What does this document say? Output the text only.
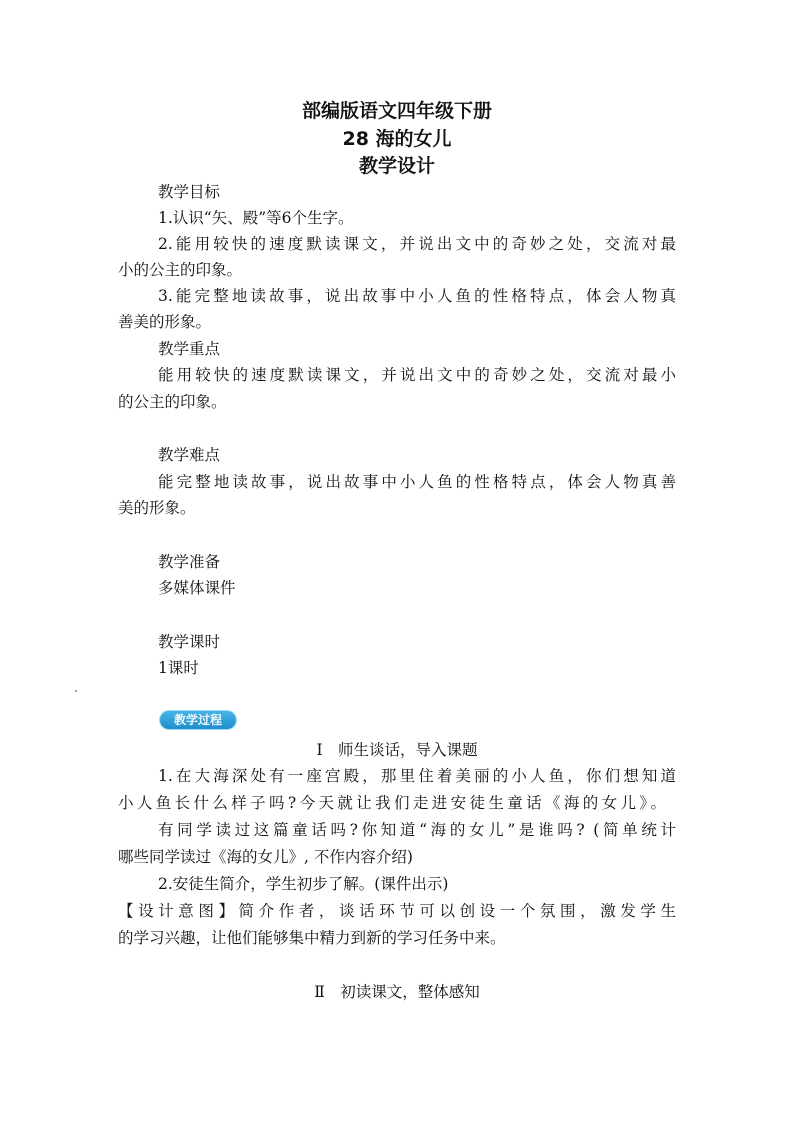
部编版语文四年级下册
28 海的女儿
教学设计
教学目标
1.认识“矢、殿”等6个生字。
2.能用较快的速度默读课文，并说出文中的奇妙之处，交流对最
小的公主的印象。
3.能完整地读故事，说出故事中小人鱼的性格特点，体会人物真
善美的形象。
教学重点
能用较快的速度默读课文，并说出文中的奇妙之处，交流对最小
的公主的印象。
教学难点
能完整地读故事，说出故事中小人鱼的性格特点，体会人物真善
美的形象。
教学准备
多媒体课件
教学课时
1课时
教学过程
Ⅰ　师生谈话，导入课题
1.在大海深处有一座宫殿，那里住着美丽的小人鱼，你们想知道
小人鱼长什么样子吗?今天就让我们走进安徒生童话《海的女儿》。
有同学读过这篇童话吗?你知道“海的女儿”是谁吗? (简单统计
哪些同学读过《海的女儿》, 不作内容介绍)
2.安徒生简介，学生初步了解。(课件出示)
【设计意图】简介作者，谈话环节可以创设一个氛围，激发学生
的学习兴趣，让他们能够集中精力到新的学习任务中来。
Ⅱ　初读课文，整体感知
